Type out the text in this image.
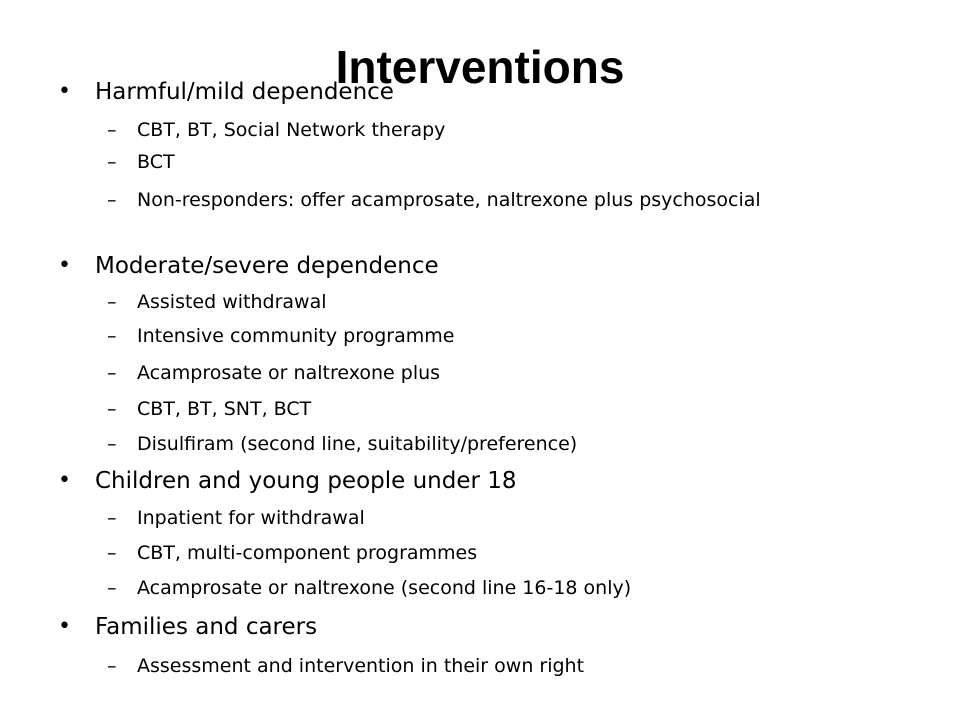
Interventions
• Harmful/mild dependence
– CBT, BT, Social Network therapy
– BCT
– Non-responders: offer acamprosate, naltrexone plus psychosocial
• Moderate/severe dependence
– Assisted withdrawal
– Intensive community programme
– Acamprosate or naltrexone plus
– CBT, BT, SNT, BCT
– Disulfiram (second line, suitability/preference)
• Children and young people under 18
– Inpatient for withdrawal
– CBT, multi-component programmes
– Acamprosate or naltrexone (second line 16-18 only)
• Families and carers
– Assessment and intervention in their own right
